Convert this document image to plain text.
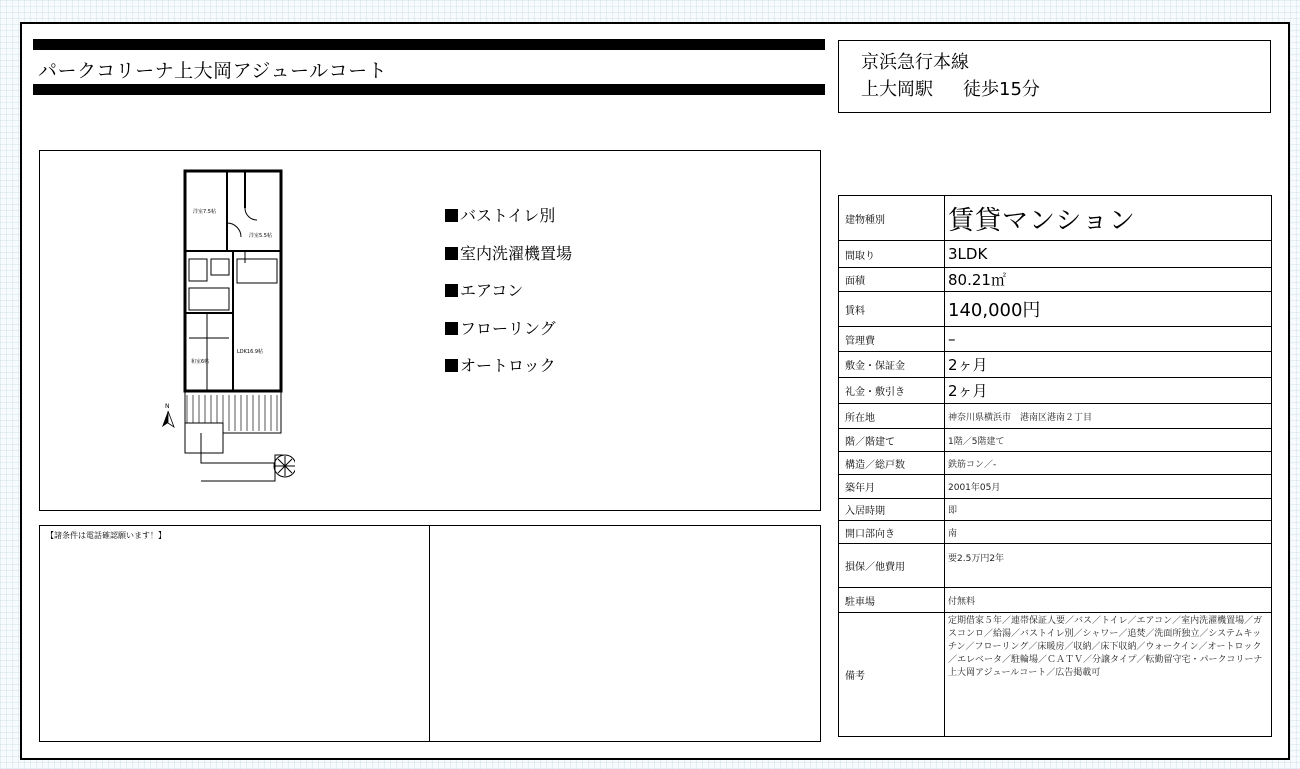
パークコリーナ上大岡アジュールコート	京浜急行本線
上大岡駅 徒歩15分
N
洋室7.5帖
洋室5.5帖
和室6帖
LDK16.9帖
バストイレ別
室内洗濯機置場
エアコン
フローリング
オートロック
【諸条件は電話確認願います！】
建物種別	賃貸マンション
間取り	3LDK
面積	80.21㎡
賃料	140,000円
管理費	–
敷金・保証金	2ヶ月
礼金・敷引き	2ヶ月
所在地	神奈川県横浜市　港南区港南２丁目
階／階建て	1階／5階建て
構造／総戸数	鉄筋コン／-
築年月	2001年05月
入居時期	即
開口部向き	南
損保／他費用	要2.5万円2年
駐車場	付無料
備考	定期借家５年／連帯保証人要／バス／トイレ／エアコン／室内洗濯機置場／ガスコンロ／給湯／バストイレ別／シャワー／追焚／洗面所独立／システムキッチン／フローリング／床暖房／収納／床下収納／ウォークイン／オートロック／エレベータ／駐輪場／ＣＡＴＶ／分譲タイプ／転勤留守宅・パークコリーナ上大岡アジュールコート／広告掲載可
